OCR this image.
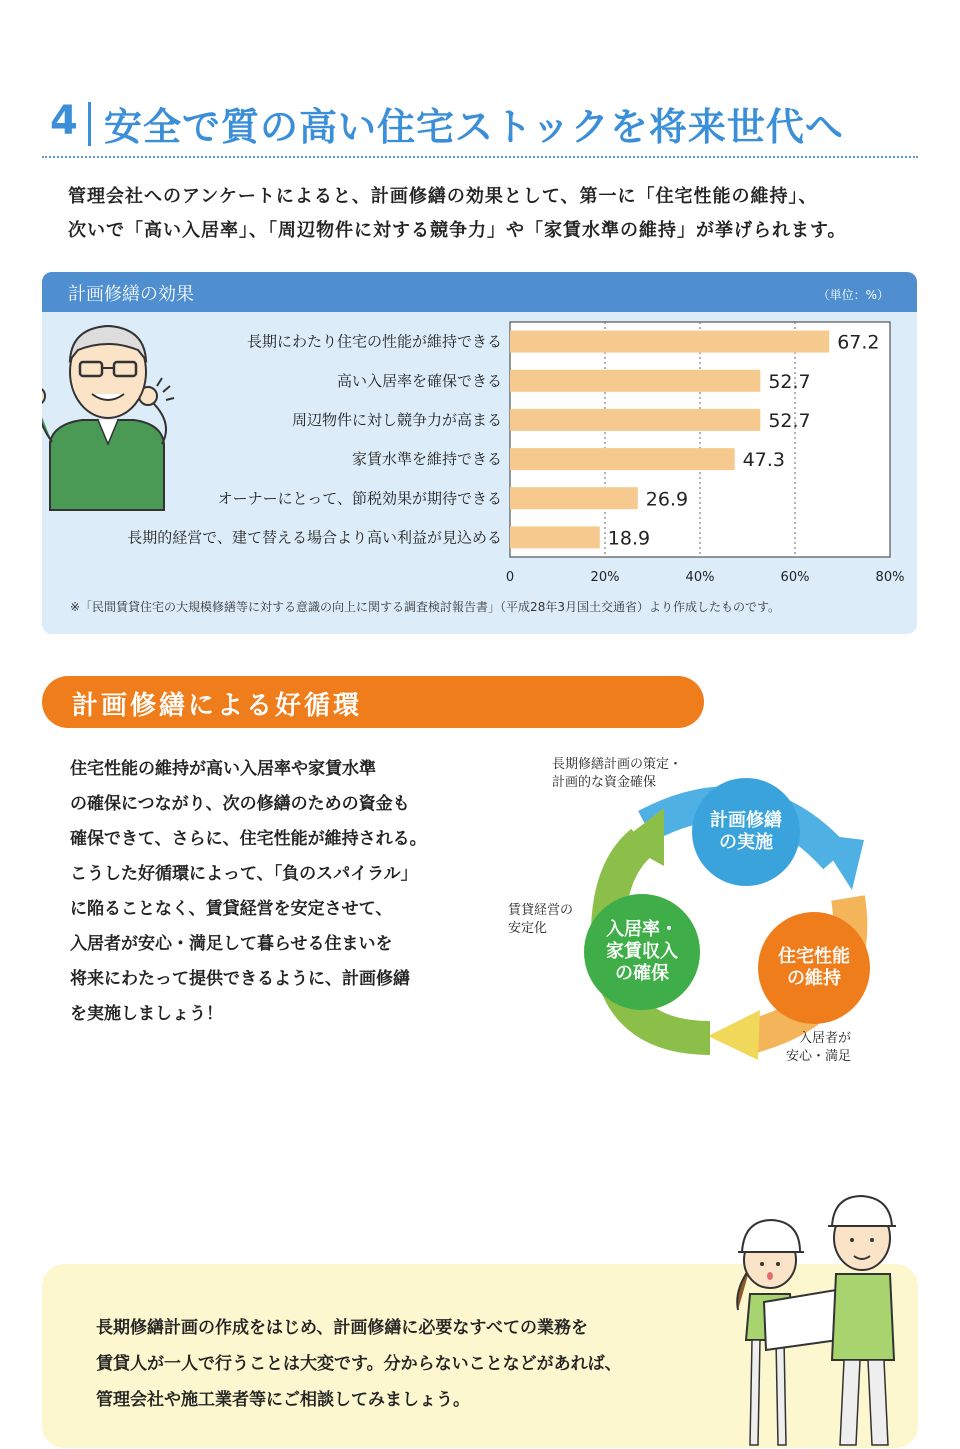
4 安全で質の高い住宅ストックを将来世代へ
管理会社へのアンケートによると、計画修繕の効果として、第一に「住宅性能の維持」、
次いで「高い入居率」、「周辺物件に対する競争力」や「家賃水準の維持」が挙げられます。
計画修繕の効果	（単位：%）
0	20%	40%	60%	80%
長期にわたり住宅の性能が維持できる	67.2
高い入居率を確保できる	52.7
周辺物件に対し競争力が高まる	52.7
家賃水準を維持できる	47.3
オーナーにとって、節税効果が期待できる	26.9
長期的経営で、建て替える場合より高い利益が見込める	18.9
※「民間賃貸住宅の大規模修繕等に対する意識の向上に関する調査検討報告書」（平成28年3月国土交通省）より作成したものです。
計画修繕による好循環
住宅性能の維持が高い入居率や家賃水準
の確保につながり、次の修繕のための資金も
確保できて、さらに、住宅性能が維持される。
こうした好循環によって、「負のスパイラル」
に陥ることなく、賃貸経営を安定させて、
入居者が安心・満足して暮らせる住まいを
将来にわたって提供できるように、計画修繕
を実施しましょう！
長期修繕計画の策定・
計画的な資金確保
賃貸経営の
安定化
入居者が
安心・満足
計画修繕
の実施
住宅性能
の維持
入居率・
家賃収入
の確保
長期修繕計画の作成をはじめ、計画修繕に必要なすべての業務を
賃貸人が一人で行うことは大変です。分からないことなどがあれば、
管理会社や施工業者等にご相談してみましょう。
